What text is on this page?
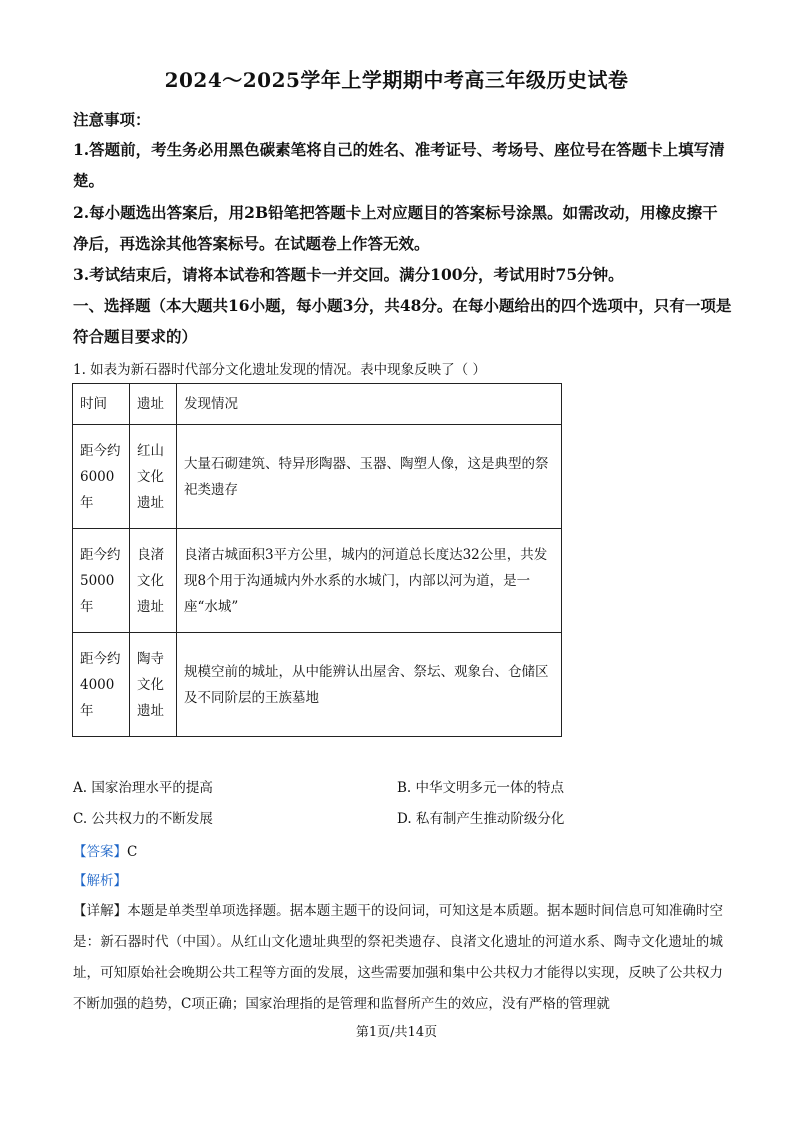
2024～2025学年上学期期中考高三年级历史试卷
注意事项：
1.答题前，考生务必用黑色碳素笔将自己的姓名、准考证号、考场号、座位号在答题卡上填写清楚。
2.每小题选出答案后，用2B铅笔把答题卡上对应题目的答案标号涂黑。如需改动，用橡皮擦干净后，再选涂其他答案标号。在试题卷上作答无效。
3.考试结束后，请将本试卷和答题卡一并交回。满分100分，考试用时75分钟。
一、选择题（本大题共16小题，每小题3分，共48分。在每小题给出的四个选项中，只有一项是符合题目要求的）
1. 如表为新石器时代部分文化遗址发现的情况。表中现象反映了（ ）
时间	遗址	发现情况
距今约6000年	红山文化遗址	大量石砌建筑、特异形陶器、玉器、陶塑人像，这是典型的祭祀类遗存
距今约5000年	良渚文化遗址	良渚古城面积3平方公里，城内的河道总长度达32公里，共发现8个用于沟通城内外水系的水城门，内部以河为道，是一座“水城”
距今约4000年	陶寺文化遗址	规模空前的城址，从中能辨认出屋舍、祭坛、观象台、仓储区及不同阶层的王族墓地
A. 国家治理水平的提高	B. 中华文明多元一体的特点
C. 公共权力的不断发展	D. 私有制产生推动阶级分化
【答案】C
【解析】
【详解】本题是单类型单项选择题。据本题主题干的设问词，可知这是本质题。据本题时间信息可知准确时空是：新石器时代（中国）。从红山文化遗址典型的祭祀类遗存、良渚文化遗址的河道水系、陶寺文化遗址的城址，可知原始社会晚期公共工程等方面的发展，这些需要加强和集中公共权力才能得以实现，反映了公共权力不断加强的趋势，C项正确；国家治理指的是管理和监督所产生的效应，没有严格的管理就
第1页/共14页
